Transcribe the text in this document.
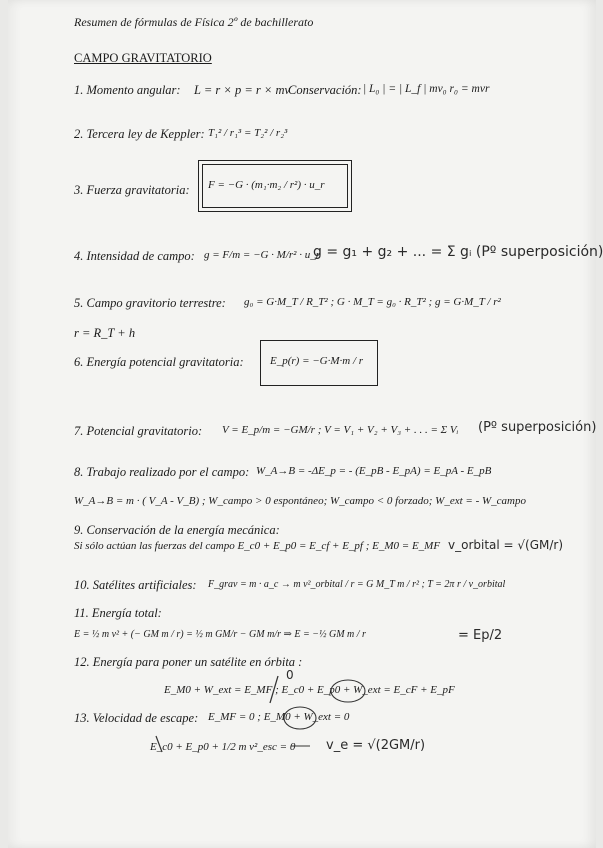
Resumen de fórmulas de Física 2º de bachillerato
CAMPO GRAVITATORIO
1. Momento angular: L = r × p = r × mv
Conservación: | L₀ | = | L_f | mv₀ r₀ = mvr
2. Tercera ley de Keppler: T₁² / r₁³ = T₂² / r₂³
3. Fuerza gravitatoria: F = −G · (m₁·m₂ / r²) · u_r
4. Intensidad de campo: g = F/m = −G · M/r² · u_r
g = g₁ + g₂ + ... = Σ gᵢ (Pº superposición)
5. Campo gravitorio terrestre: g₀ = G·M_T / R_T² ; G · M_T = g₀ · R_T² ; g = G·M_T / r²
r = R_T + h
6. Energía potencial gravitatoria: E_p(r) = −G·M·m / r
7. Potencial gravitatorio: V = E_p/m = −GM/r ; V = V₁ + V₂ + V₃ + . . . = Σ Vᵢ (Pº superposición)
8. Trabajo realizado por el campo: W_A→B = -ΔE_p = - (E_pB - E_pA) = E_pA - E_pB
W_A→B = m · ( V_A - V_B) ; W_campo > 0 espontáneo; W_campo < 0 forzado; W_ext = - W_campo
9. Conservación de la energía mecánica:
Si sólo actúan las fuerzas del campo E_c0 + E_p0 = E_cf + E_pf ; E_M0 = E_MF v_orbital = √(GM/r)
10. Satélites artificiales: F_grav = m · a_c → m v²_orbital / r = G M_T m / r² ; T = 2π r / v_orbital
11. Energía total:
E = ½ m v² + (− GM m / r) = ½ m GM/r − GM m/r ⇒ E = −½ GM m / r	= Ep/2
12. Energía para poner un satélite en órbita :
0
E_M0 + W_ext = E_MF ; E_c0 + E_p0 + W_ext = E_cF + E_pF
13. Velocidad de escape: E_MF = 0 ; E_M0 + W_ext = 0
E_c0 + E_p0 + 1/2 m v²_esc = 0 v_e = √(2GM/r)
